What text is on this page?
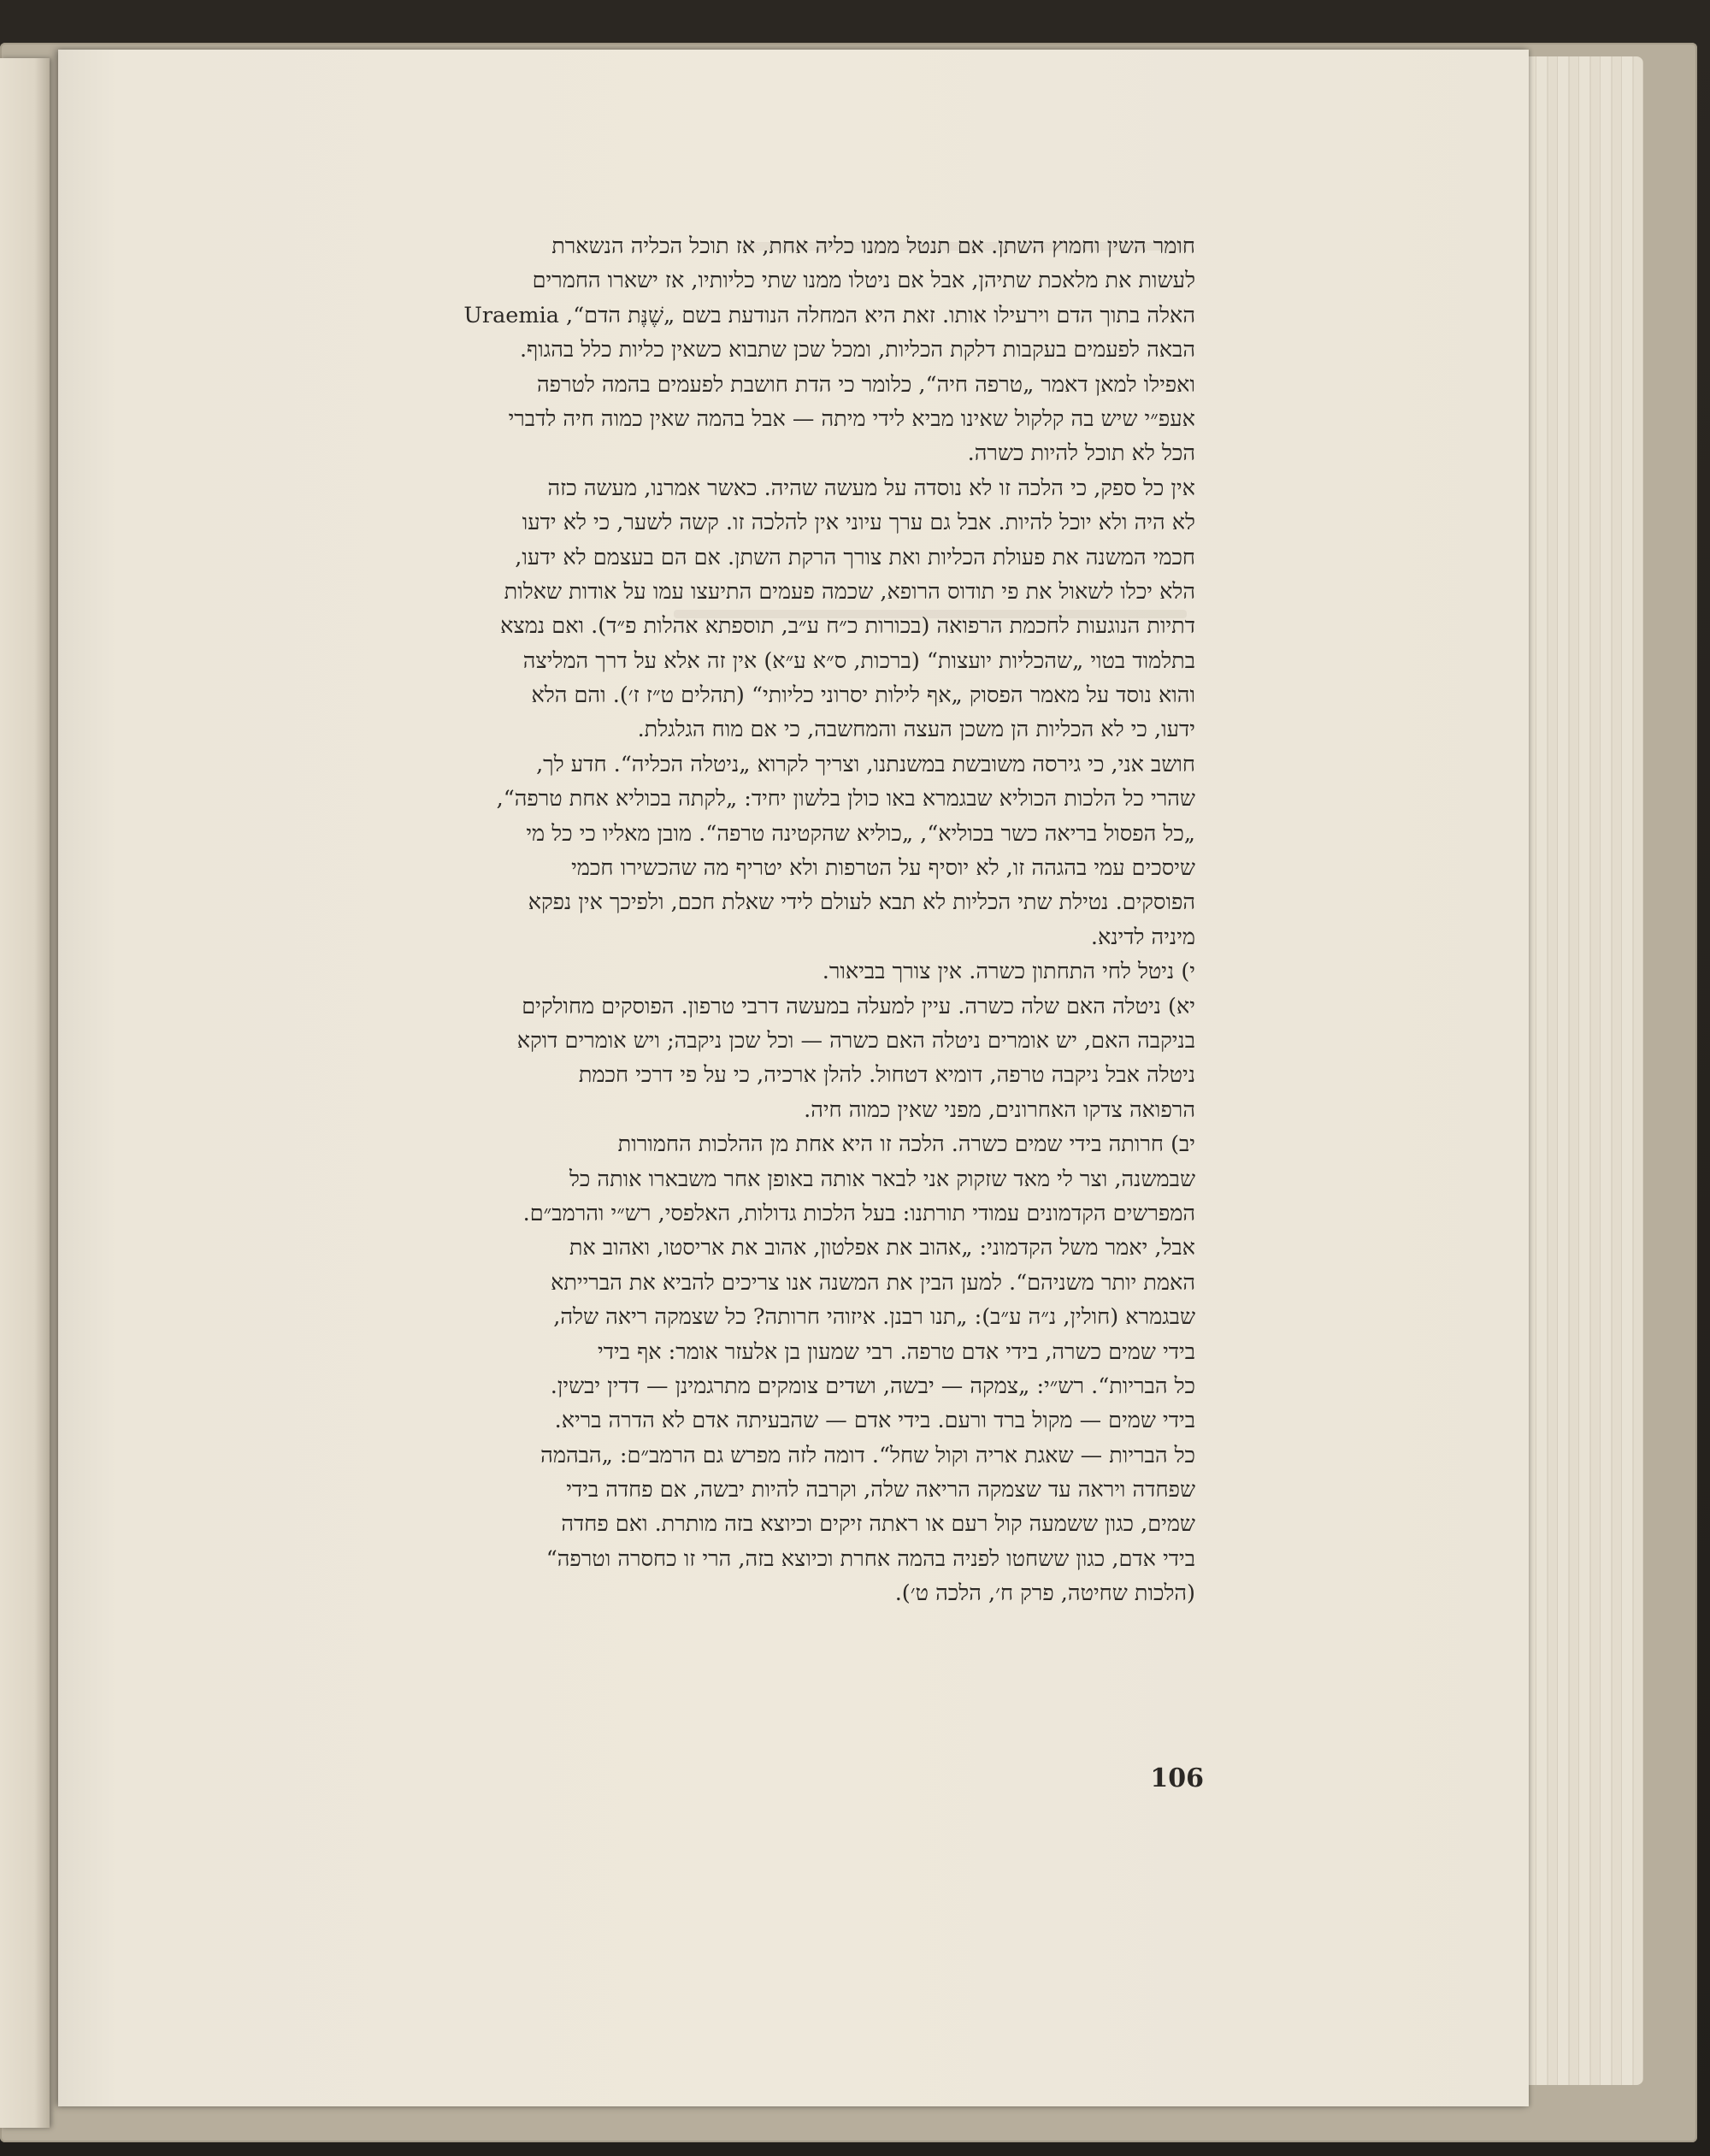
חומר השין וחמוץ השתן. אם תנטל ממנו כליה אחת, אז תוכל הכליה הנשארת
לעשות את מלאכת שתיהן, אבל אם ניטלו ממנו שתי כליותיו, אז ישארו החמרים
האלה בתוך הדם וירעילו אותו. זאת היא המחלה הנודעת בשם „שֶׁנֶּת הדם“, Uraemia
הבאה לפעמים בעקבות דלקת הכליות, ומכל שכן שתבוא כשאין כליות כלל בהגוף.
ואפילו למאן דאמר „טרפה חיה“, כלומר כי הדת חושבת לפעמים בהמה לטרפה
אעפ״י שיש בה קלקול שאינו מביא לידי מיתה — אבל בהמה שאין כמוה חיה לדברי
הכל לא תוכל להיות כשרה.
אין כל ספק, כי הלכה זו לא נוסדה על מעשה שהיה. כאשר אמרנו, מעשה כזה
לא היה ולא יוכל להיות. אבל גם ערך עיוני אין להלכה זו. קשה לשער, כי לא ידעו
חכמי המשנה את פעולת הכליות ואת צורך הרקת השתן. אם הם בעצמם לא ידעו,
הלא יכלו לשאול את פי תודוס הרופא, שכמה פעמים התיעצו עמו על אודות שאלות
דתיות הנוגעות לחכמת הרפואה (בכורות כ״ח ע״ב, תוספתא אהלות פ״ד). ואם נמצא
בתלמוד בטוי „שהכליות יועצות“ (ברכות, ס״א ע״א) אין זה אלא על דרך המליצה
והוא נוסד על מאמר הפסוק „אף לילות יסרוני כליותי“ (תהלים ט״ז ז׳). והם הלא
ידעו, כי לא הכליות הן משכן העצה והמחשבה, כי אם מוח הגלגלת.
חושב אני, כי גירסה משובשת במשנתנו, וצריך לקרוא „ניטלה הכליה“. חדע לך,
שהרי כל הלכות הכוליא שבגמרא באו כולן בלשון יחיד: „לקתה בכוליא אחת טרפה“,
„כל הפסול בריאה כשר בכוליא“, „כוליא שהקטינה טרפה“. מובן מאליו כי כל מי
שיסכים עמי בהגהה זו, לא יוסיף על הטרפות ולא יטריף מה שהכשירו חכמי
הפוסקים. נטילת שתי הכליות לא תבא לעולם לידי שאלת חכם, ולפיכך אין נפקא
מיניה לדינא.
י) ניטל לחי התחתון כשרה. אין צורך בביאור.
יא) ניטלה האם שלה כשרה. עיין למעלה במעשה דרבי טרפון. הפוסקים מחולקים
בניקבה האם, יש אומרים ניטלה האם כשרה — וכל שכן ניקבה; ויש אומרים דוקא
ניטלה אבל ניקבה טרפה, דומיא דטחול. להלן ארכיה, כי על פי דרכי חכמת
הרפואה צדקו האחרונים, מפני שאין כמוה חיה.
יב) חרותה בידי שמים כשרה. הלכה זו היא אחת מן ההלכות החמורות
שבמשנה, וצר לי מאד שזקוק אני לבאר אותה באופן אחר משבארו אותה כל
המפרשים הקדמונים עמודי תורתנו: בעל הלכות גדולות, האלפסי, רש״י והרמב״ם.
אבל, יאמר משל הקדמוני: „אהוב את אפלטון, אהוב את אריסטו, ואהוב את
האמת יותר משניהם“. למען הבין את המשנה אנו צריכים להביא את הברייתא
שבגמרא (חולין, נ״ה ע״ב): „תנו רבנן. איזוהי חרותה? כל שצמקה ריאה שלה,
בידי שמים כשרה, בידי אדם טרפה. רבי שמעון בן אלעזר אומר: אף בידי
כל הבריות“. רש״י: „צמקה — יבשה, ושדים צומקים מתרגמינן — דדין יבשין.
בידי שמים — מקול ברד ורעם. בידי אדם — שהבעיתה אדם לא הדרה בריא.
כל הבריות — שאגת אריה וקול שחל“. דומה לזה מפרש גם הרמב״ם: „הבהמה
שפחדה ויראה עד שצמקה הריאה שלה, וקרבה להיות יבשה, אם פחדה בידי
שמים, כגון ששמעה קול רעם או ראתה זיקים וכיוצא בזה מותרת. ואם פחדה
בידי אדם, כגון ששחטו לפניה בהמה אחרת וכיוצא בזה, הרי זו כחסרה וטרפה“
(הלכות שחיטה, פרק ח׳, הלכה ט׳).
106
